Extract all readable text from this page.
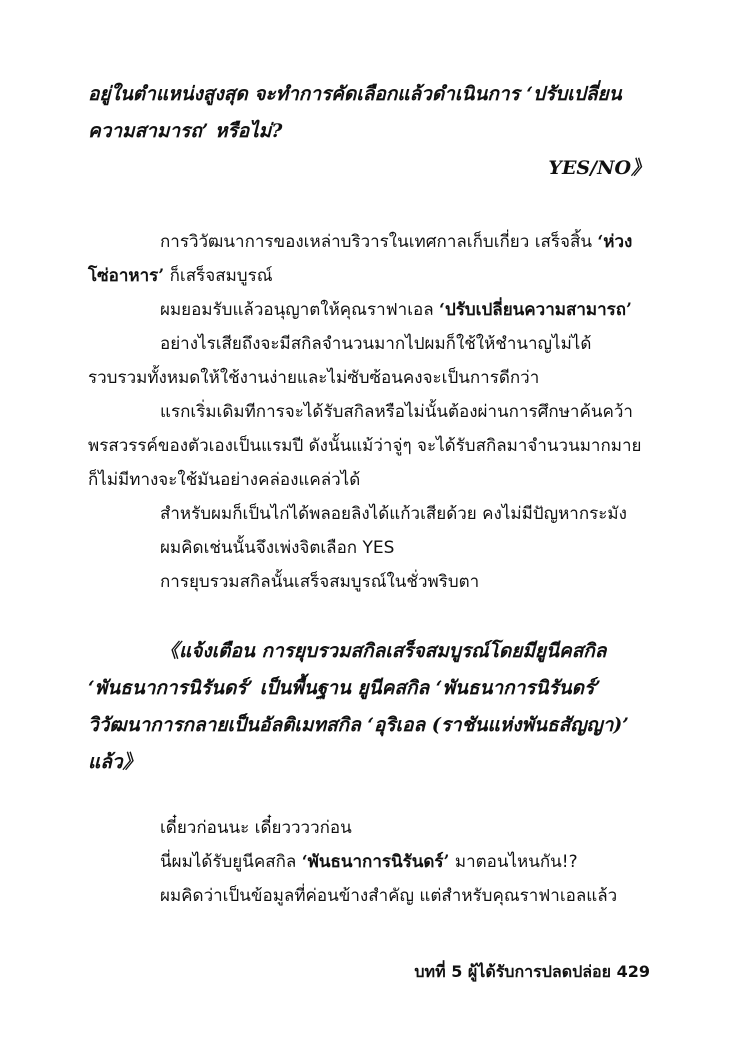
อยู่ในตำแหน่งสูงสุด จะทำการคัดเลือกแล้วดำเนินการ ‘ปรับเปลี่ยนความสามารถ’ หรือไม่?

YES/NO》

การวิวัฒนาการของเหล่าบริวารในเทศกาลเก็บเกี่ยว เสร็จสิ้น ‘ห่วงโซ่อาหาร’ ก็เสร็จสมบูรณ์

ผมยอมรับแล้วอนุญาตให้คุณราฟาเอล ‘ปรับเปลี่ยนความสามารถ’

อย่างไรเสียถึงจะมีสกิลจำนวนมากไปผมก็ใช้ให้ชำนาญไม่ได้ รวบรวมทั้งหมดให้ใช้งานง่ายและไม่ซับซ้อนคงจะเป็นการดีกว่า

แรกเริ่มเดิมทีการจะได้รับสกิลหรือไม่นั้นต้องผ่านการศึกษาค้นคว้าพรสวรรค์ของตัวเองเป็นแรมปี ดังนั้นแม้ว่าจู่ๆ จะได้รับสกิลมาจำนวนมากมายก็ไม่มีทางจะใช้มันอย่างคล่องแคล่วได้

สำหรับผมก็เป็นไก่ได้พลอยลิงได้แก้วเสียด้วย คงไม่มีปัญหากระมัง

ผมคิดเช่นนั้นจึงเพ่งจิตเลือก YES

การยุบรวมสกิลนั้นเสร็จสมบูรณ์ในชั่วพริบตา

《แจ้งเตือน การยุบรวมสกิลเสร็จสมบูรณ์โดยมียูนีคสกิล ‘พันธนาการนิรันดร์’ เป็นพื้นฐาน ยูนีคสกิล ‘พันธนาการนิรันดร์’ วิวัฒนาการกลายเป็นอัลติเมทสกิล ‘อุริเอล (ราชันแห่งพันธสัญญา)’ แล้ว》

เดี๋ยวก่อนนะ เดี๋ยววววก่อน

นี่ผมได้รับยูนีคสกิล ‘พันธนาการนิรันดร์’ มาตอนไหนกัน!?

ผมคิดว่าเป็นข้อมูลที่ค่อนข้างสำคัญ แต่สำหรับคุณราฟาเอลแล้ว

บทที่ 5 ผู้ได้รับการปลดปล่อย 429
